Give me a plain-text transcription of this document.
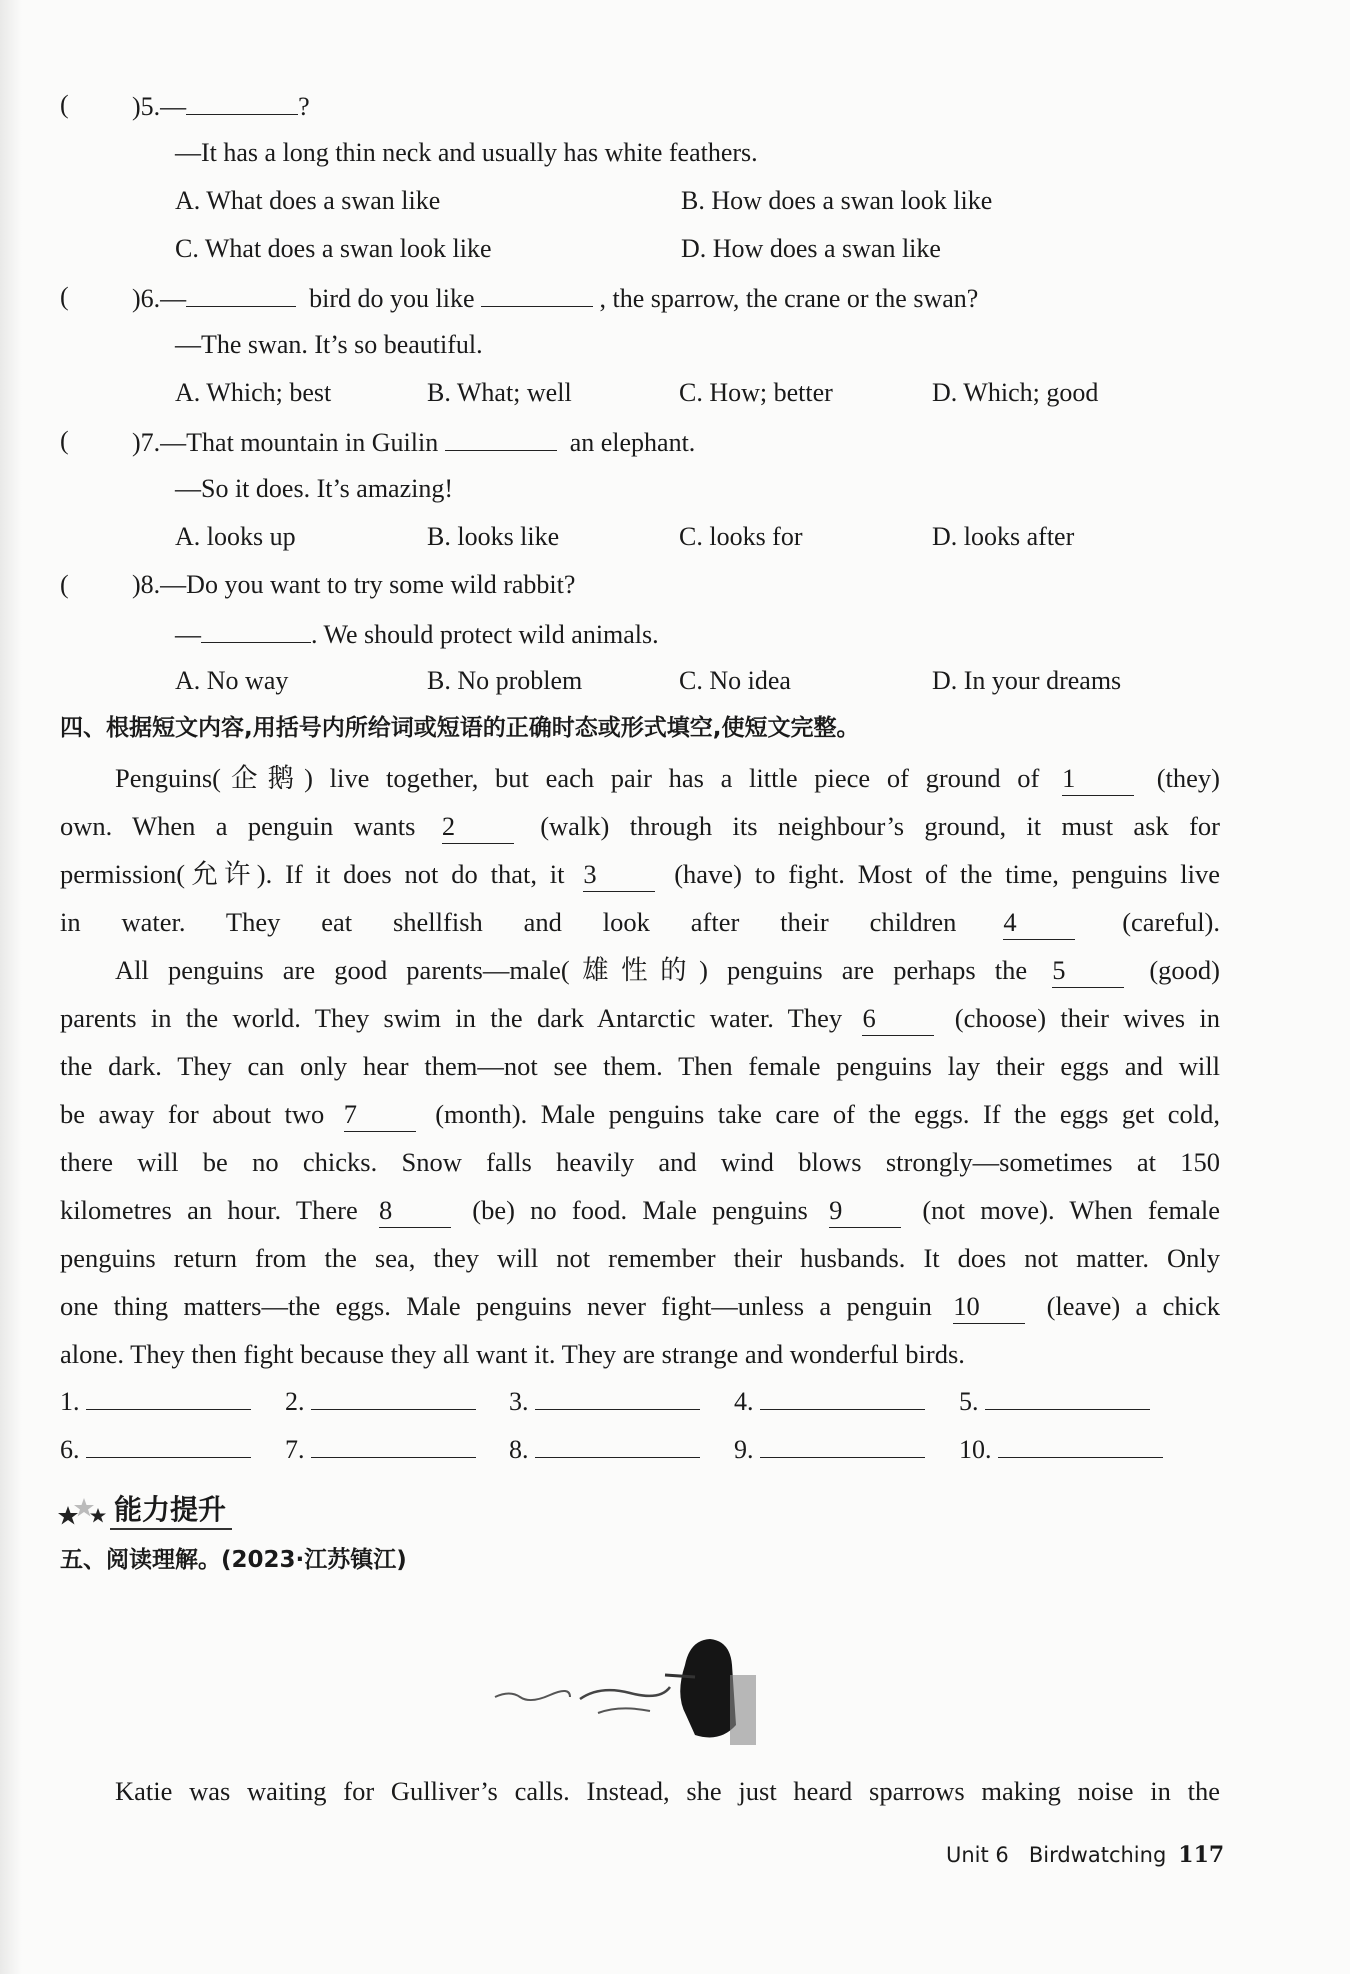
( )5.—	?
—It has a long thin neck and usually has white feathers.
A. What does a swan like	B. How does a swan look like
C. What does a swan look like	D. How does a swan like
( )6.—	bird do you like	, the sparrow, the crane or the swan?
—The swan. It’s so beautiful.
A. Which; best	B. What; well	C. How; better	D. Which; good
( )7.—That mountain in Guilin	an elephant.
—So it does. It’s amazing!
A. looks up	B. looks like	C. looks for	D. looks after
( )8.—Do you want to try some wild rabbit?
—	. We should protect wild animals.
A. No way	B. No problem	C. No idea	D. In your dreams
四、根据短文内容,用括号内所给词或短语的正确时态或形式填空,使短文完整。
Penguins(企鹅) live together, but each pair has a little piece of ground of 1	(they)
own. When a penguin wants 2	(walk) through its neighbour’s ground, it must ask for
permission(允许). If it does not do that, it 3	(have) to fight. Most of the time, penguins live
in water. They eat shellfish and look after their children 4	(careful).
All penguins are good parents—male(雄性的) penguins are perhaps the 5	(good)
parents in the world. They swim in the dark Antarctic water. They 6	(choose) their wives in
the dark. They can only hear them—not see them. Then female penguins lay their eggs and will
be away for about two 7	(month). Male penguins take care of the eggs. If the eggs get cold,
there will be no chicks. Snow falls heavily and wind blows strongly—sometimes at 150
kilometres an hour. There 8	(be) no food. Male penguins 9	(not move). When female
penguins return from the sea, they will not remember their husbands. It does not matter. Only
one thing matters—the eggs. Male penguins never fight—unless a penguin 10	(leave) a chick
alone. They then fight because they all want it. They are strange and wonderful birds.
1.	2.	3.	4.	5.
6.	7.	8.	9.	10.
能力提升
五、阅读理解。(2023·江苏镇江)
Katie was waiting for Gulliver’s calls. Instead, she just heard sparrows making noise in the
Unit 6 Birdwatching 117
